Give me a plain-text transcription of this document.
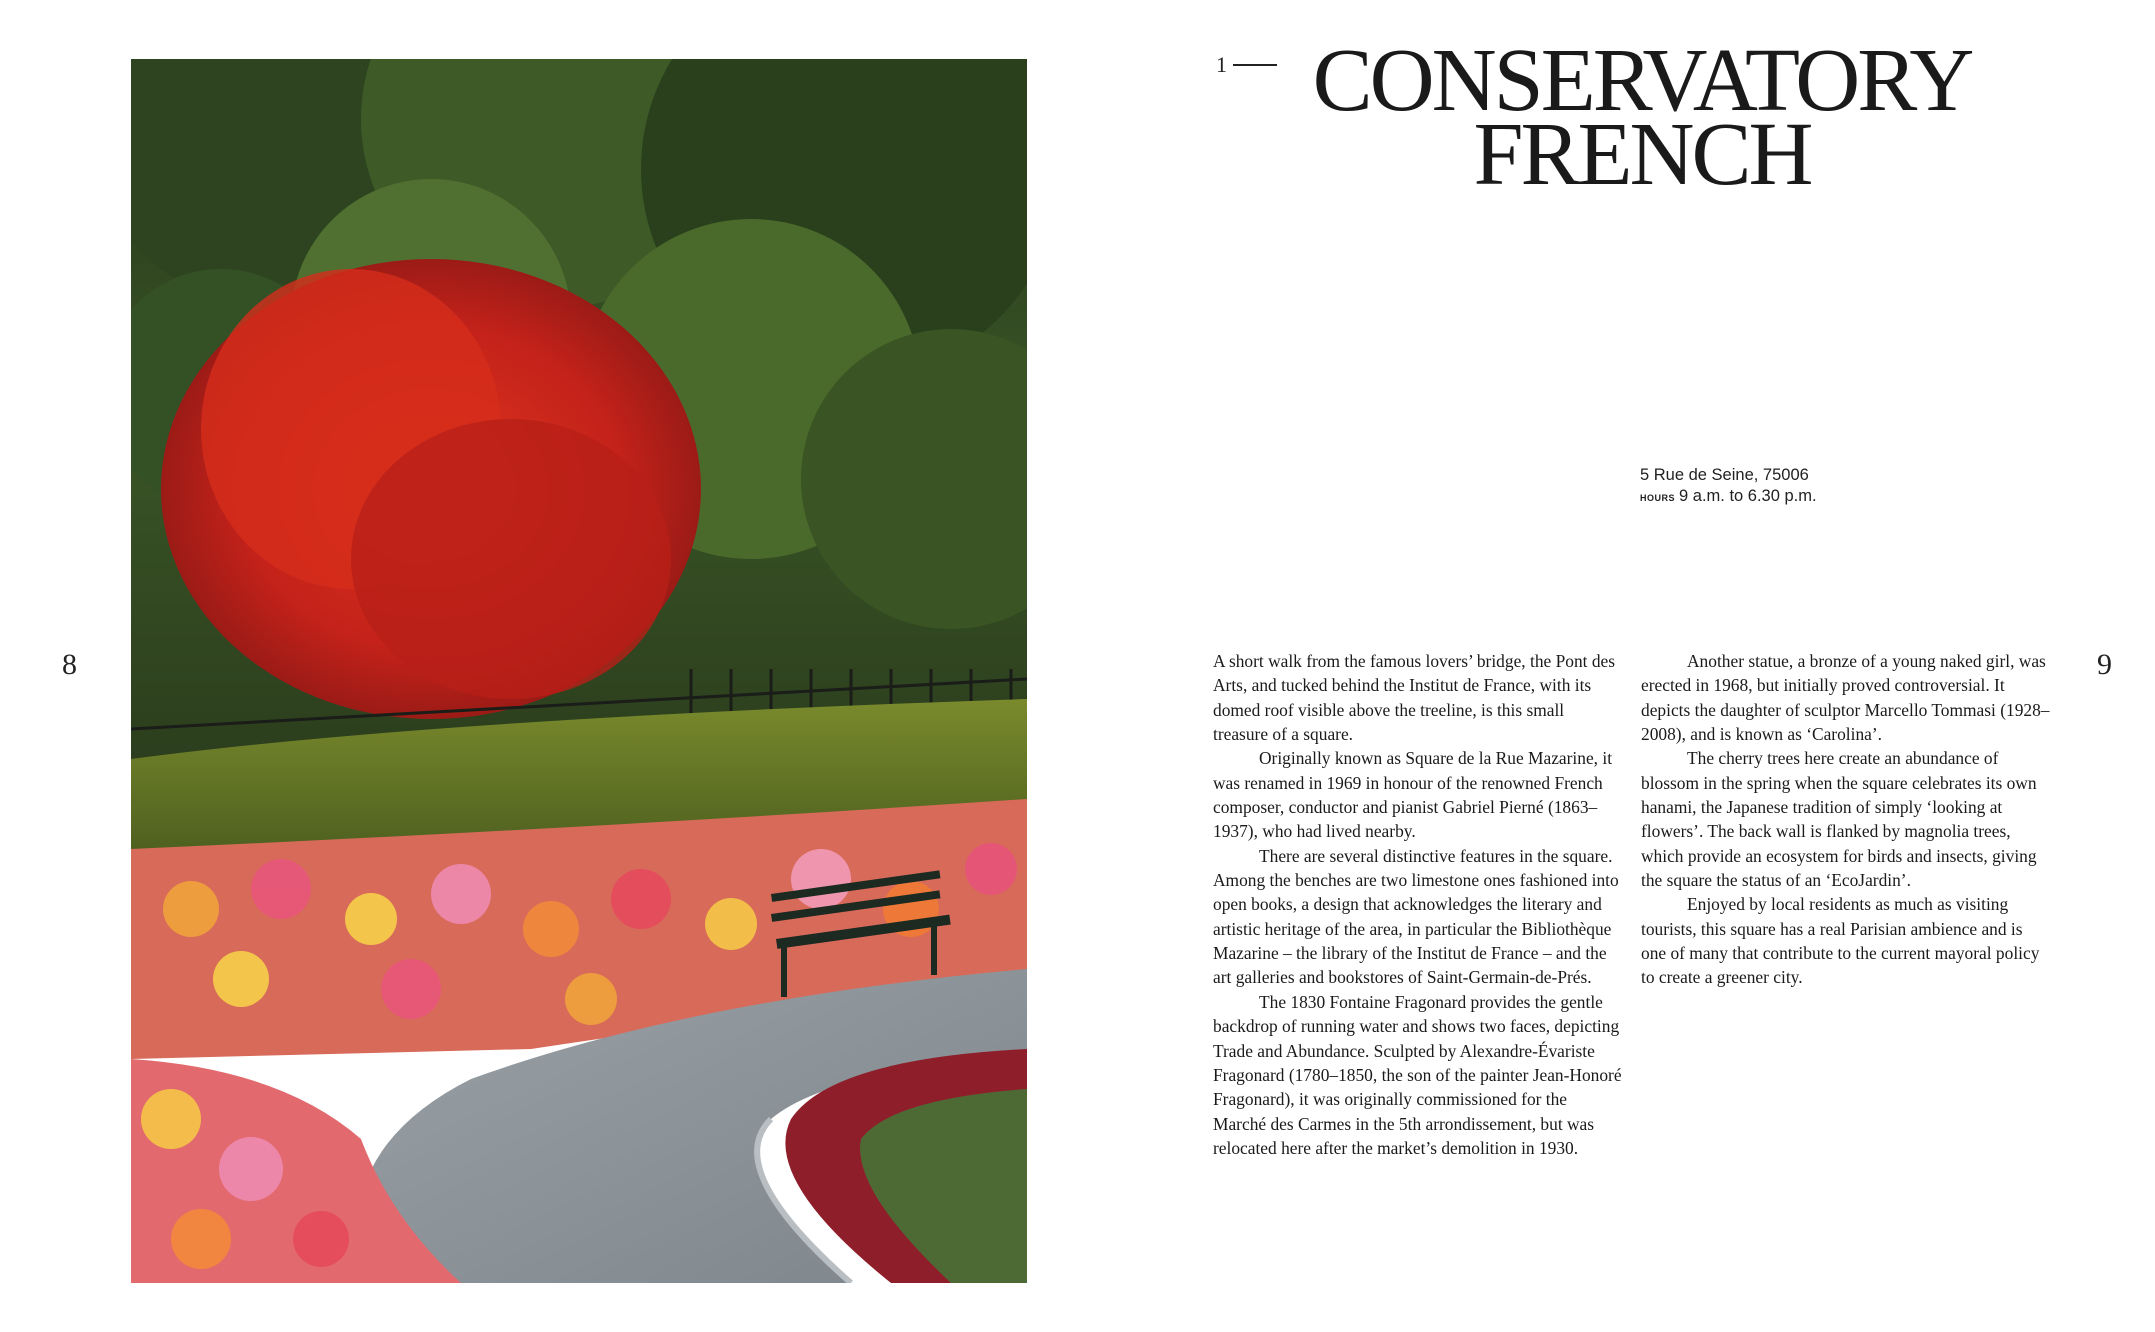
8	9
1 CONSERVATORY
FRENCH
5 Rue de Seine, 75006
HOURS 9 a.m. to 6.30 p.m.

A short walk from the famous lovers’ bridge, the Pont des Arts, and tucked behind the Institut de France, with its domed roof visible above the treeline, is this small treasure of a square.

Originally known as Square de la Rue Mazarine, it was renamed in 1969 in honour of the renowned French composer, conductor and pianist Gabriel Pierné (1863–1937), who had lived nearby.

There are several distinctive features in the square. Among the benches are two limestone ones fashioned into open books, a design that acknowledges the literary and artistic heritage of the area, in particular the Bibliothèque Mazarine – the library of the Institut de France – and the art galleries and bookstores of Saint-Germain-de-Prés.

The 1830 Fontaine Fragonard provides the gentle backdrop of running water and shows two faces, depicting Trade and Abundance. Sculpted by Alexandre-Évariste Fragonard (1780–1850, the son of the painter Jean-Honoré Fragonard), it was originally commissioned for the Marché des Carmes in the 5th arrondissement, but was relocated here after the market’s demolition in 1930.

Another statue, a bronze of a young naked girl, was erected in 1968, but initially proved controversial. It depicts the daughter of sculptor Marcello Tommasi (1928–2008), and is known as ‘Carolina’.

The cherry trees here create an abundance of blossom in the spring when the square celebrates its own hanami, the Japanese tradition of simply ‘looking at flowers’. The back wall is flanked by magnolia trees, which provide an ecosystem for birds and insects, giving the square the status of an ‘EcoJardin’.

Enjoyed by local residents as much as visiting tourists, this square has a real Parisian ambience and is one of many that contribute to the current mayoral policy to create a greener city.
